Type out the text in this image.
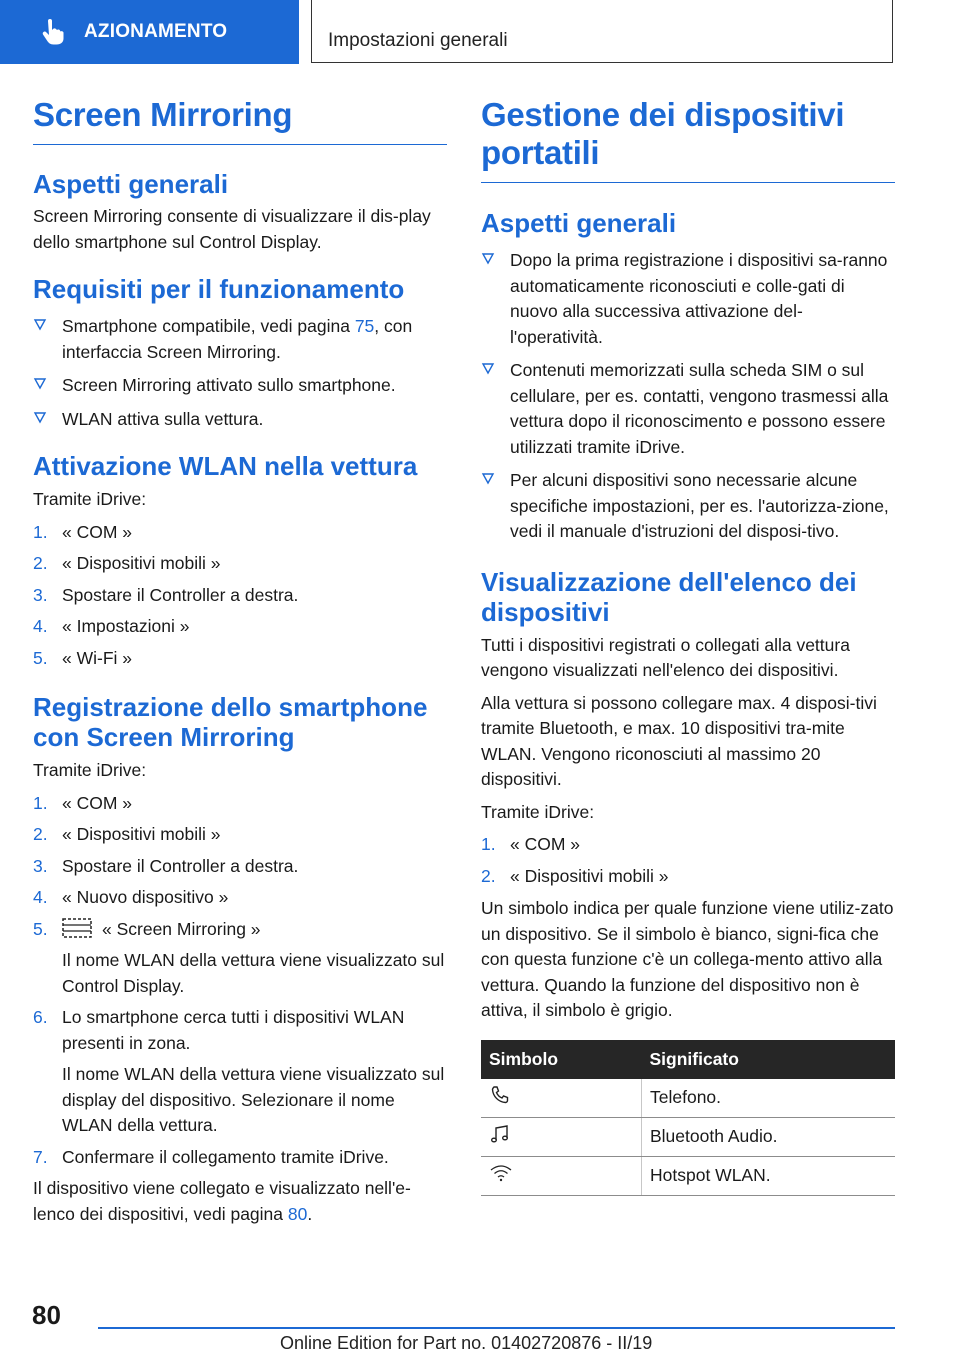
AZIONAMENTO	Impostazioni generali
Screen Mirroring
Aspetti generali

Screen Mirroring consente di visualizzare il dis-play dello smartphone sul Control Display.

Requisiti per il funzionamento
Smartphone compatibile, vedi pagina 75, con interfaccia Screen Mirroring.
Screen Mirroring attivato sullo smartphone.
WLAN attiva sulla vettura.
Attivazione WLAN nella vettura

Tramite iDrive:

1. « COM »
2. « Dispositivi mobili »
3. Spostare il Controller a destra.
4. « Impostazioni »
5. « Wi-Fi »
Registrazione dello smartphone con Screen Mirroring

Tramite iDrive:

1. « COM »
2. « Dispositivi mobili »
3. Spostare il Controller a destra.
4. « Nuovo dispositivo »
5.	« Screen Mirroring »

Il nome WLAN della vettura viene visualizzato sul Control Display.

6. Lo smartphone cerca tutti i dispositivi WLAN presenti in zona.

Il nome WLAN della vettura viene visualizzato sul display del dispositivo. Selezionare il nome WLAN della vettura.

7. Confermare il collegamento tramite iDrive.

Il dispositivo viene collegato e visualizzato nell'e-lenco dei dispositivi, vedi pagina 80.

Gestione dei dispositivi portatili
Aspetti generali
Dopo la prima registrazione i dispositivi sa-ranno automaticamente riconosciuti e colle-gati di nuovo alla successiva attivazione del-l'operatività.
Contenuti memorizzati sulla scheda SIM o sul cellulare, per es. contatti, vengono trasmessi alla vettura dopo il riconoscimento e possono essere utilizzati tramite iDrive.
Per alcuni dispositivi sono necessarie alcune specifiche impostazioni, per es. l'autorizza-zione, vedi il manuale d'istruzioni del disposi-tivo.
Visualizzazione dell'elenco dei dispositivi

Tutti i dispositivi registrati o collegati alla vettura vengono visualizzati nell'elenco dei dispositivi.

Alla vettura si possono collegare max. 4 disposi-tivi tramite Bluetooth, e max. 10 dispositivi tra-mite WLAN. Vengono riconosciuti al massimo 20 dispositivi.

Tramite iDrive:

1. « COM »
2. « Dispositivi mobili »

Un simbolo indica per quale funzione viene utiliz-zato un dispositivo. Se il simbolo è bianco, signi-fica che con questa funzione c'è un collega-mento attivo alla vettura. Quando la funzione del dispositivo non è attiva, il simbolo è grigio.

Simbolo	Significato
	Telefono.
	Bluetooth Audio.
	Hotspot WLAN.
80
Online Edition for Part no. 01402720876 - II/19
